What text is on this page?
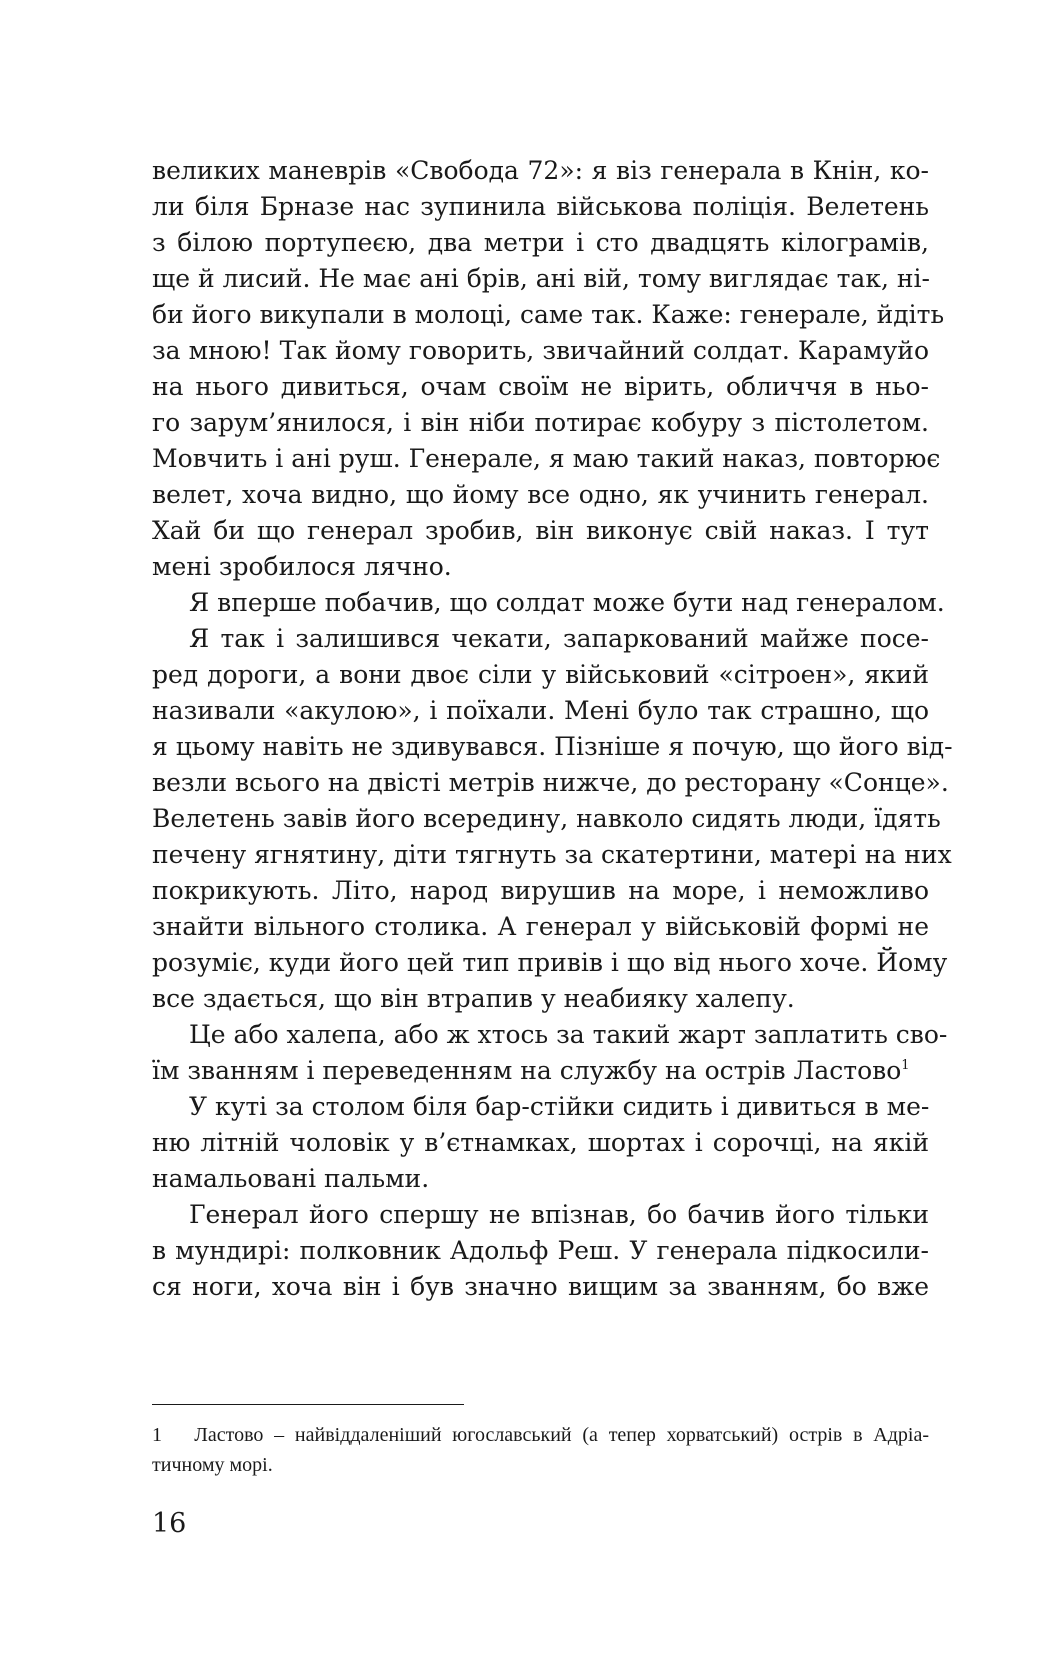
великих маневрів «Свобода 72»: я віз генерала в Кнін, ко-
ли біля Брназе нас зупинила військова поліція. Велетень
з білою портупеєю, два метри і сто двадцять кілограмів,
ще й лисий. Не має ані брів, ані вій, тому виглядає так, ні-
би його викупали в молоці, саме так. Каже: генерале, йдіть
за мною! Так йому говорить, звичайний солдат. Карамуйо
на нього дивиться, очам своїм не вірить, обличчя в ньо-
го зарум’янилося, і він ніби потирає кобуру з пістолетом.
Мовчить і ані руш. Генерале, я маю такий наказ, повторює
велет, хоча видно, що йому все одно, як учинить генерал.
Хай би що генерал зробив, він виконує свій наказ. І тут
мені зробилося лячно.
Я вперше побачив, що солдат може бути над генералом.
Я так і залишився чекати, запаркований майже посе-
ред дороги, а вони двоє сіли у військовий «сітроен», який
називали «акулою», і поїхали. Мені було так страшно, що
я цьому навіть не здивувався. Пізніше я почую, що його від-
везли всього на двісті метрів нижче, до ресторану «Сонце».
Велетень завів його всередину, навколо сидять люди, їдять
печену ягнятину, діти тягнуть за скатертини, матері на них
покрикують. Літо, народ вирушив на море, і неможливо
знайти вільного столика. А генерал у військовій формі не
розуміє, куди його цей тип привів і що від нього хоче. Йому
все здається, що він втрапив у неабияку халепу.
Це або халепа, або ж хтось за такий жарт заплатить сво-
їм званням і переведенням на службу на острів Ластово$^1$
У куті за столом біля бар-стійки сидить і дивиться в ме-
ню літній чоловік у в’єтнамках, шортах і сорочці, на якій
намальовані пальми.
Генерал його спершу не впізнав, бо бачив його тільки
в мундирі: полковник Адольф Реш. У генерала підкосили-
ся ноги, хоча він і був значно вищим за званням, бо вже
1 Ластово – найвіддаленіший югославський (а тепер хорватський) острів в Адріа-
тичному морі.
16
